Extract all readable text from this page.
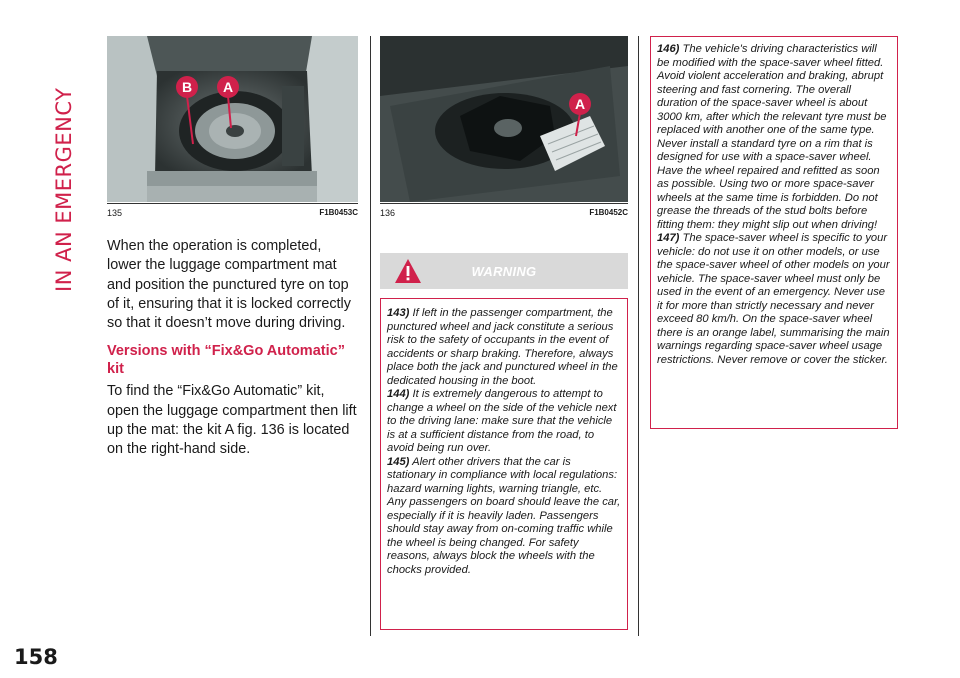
IN AN EMERGENCY
B A
135	F1B0453C
A
136	F1B0452C

When the operation is completed, lower the luggage compartment mat and position the punctured tyre on top of it, ensuring that it is locked correctly so that it doesn’t move during driving.

Versions with “Fix&Go Automatic” kit

To find the “Fix&Go Automatic” kit, open the luggage compartment then lift up the mat: the kit A fig. 136 is located on the right-hand side.

WARNING

143) If left in the passenger compartment, the punctured wheel and jack constitute a serious risk to the safety of occupants in the event of accidents or sharp braking. Therefore, always place both the jack and punctured wheel in the dedicated housing in the boot.

144) It is extremely dangerous to attempt to change a wheel on the side of the vehicle next to the driving lane: make sure that the vehicle is at a sufficient distance from the road, to avoid being run over.

145) Alert other drivers that the car is stationary in compliance with local regulations: hazard warning lights, warning triangle, etc. Any passengers on board should leave the car, especially if it is heavily laden. Passengers should stay away from on-coming traffic while the wheel is being changed. For safety reasons, always block the wheels with the chocks provided.

146) The vehicle's driving characteristics will be modified with the space-saver wheel fitted. Avoid violent acceleration and braking, abrupt steering and fast cornering. The overall duration of the space-saver wheel is about 3000 km, after which the relevant tyre must be replaced with another one of the same type. Never install a standard tyre on a rim that is designed for use with a space-saver wheel. Have the wheel repaired and refitted as soon as possible. Using two or more space-saver wheels at the same time is forbidden. Do not grease the threads of the stud bolts before fitting them: they might slip out when driving!

147) The space-saver wheel is specific to your vehicle: do not use it on other models, or use the space-saver wheel of other models on your vehicle. The space-saver wheel must only be used in the event of an emergency. Never use it for more than strictly necessary and never exceed 80 km/h. On the space-saver wheel there is an orange label, summarising the main warnings regarding space-saver wheel usage restrictions. Never remove or cover the sticker.

158
